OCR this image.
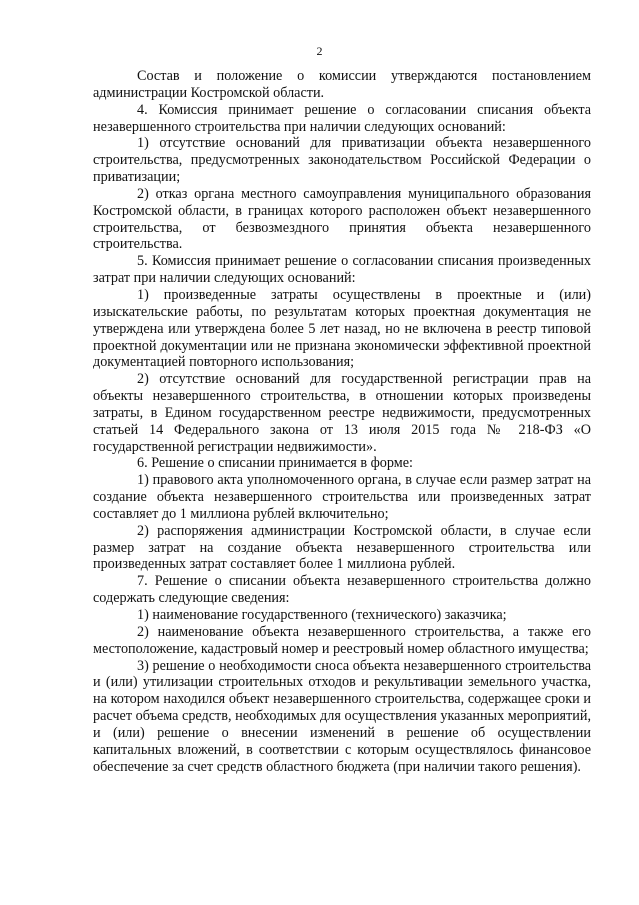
2

Состав и положение о комиссии утверждаются постановлением администрации Костромской области.

4. Комиссия принимает решение о согласовании списания объекта незавершенного строительства при наличии следующих оснований:

1) отсутствие оснований для приватизации объекта незавершенного строительства, предусмотренных законодательством Российской Федерации о приватизации;

2) отказ органа местного самоуправления муниципального образования Костромской области, в границах которого расположен объект незавершенного строительства, от безвозмездного принятия объекта незавершенного строительства.

5. Комиссия принимает решение о согласовании списания произведенных затрат при наличии следующих оснований:

1) произведенные затраты осуществлены в проектные и (или) изыскательские работы, по результатам которых проектная документация не утверждена или утверждена более 5 лет назад, но не включена в реестр типовой проектной документации или не признана экономически эффективной проектной документацией повторного использования;

2) отсутствие оснований для государственной регистрации прав на объекты незавершенного строительства, в отношении которых произведены затраты, в Едином государственном реестре недвижимости, предусмотренных статьей 14 Федерального закона от 13 июля 2015 года № 218-ФЗ «О государственной регистрации недвижимости».

6. Решение о списании принимается в форме:

1) правового акта уполномоченного органа, в случае если размер затрат на создание объекта незавершенного строительства или произведенных затрат составляет до 1 миллиона рублей включительно;

2) распоряжения администрации Костромской области, в случае если размер затрат на создание объекта незавершенного строительства или произведенных затрат составляет более 1 миллиона рублей.

7. Решение о списании объекта незавершенного строительства должно содержать следующие сведения:

1) наименование государственного (технического) заказчика;

2) наименование объекта незавершенного строительства, а также его местоположение, кадастровый номер и реестровый номер областного имущества;

3) решение о необходимости сноса объекта незавершенного строительства и (или) утилизации строительных отходов и рекультивации земельного участка, на котором находился объект незавершенного строительства, содержащее сроки и расчет объема средств, необходимых для осуществления указанных мероприятий, и (или) решение о внесении изменений в решение об осуществлении капитальных вложений, в соответствии с которым осуществлялось финансовое обеспечение за счет средств областного бюджета (при наличии такого решения).
